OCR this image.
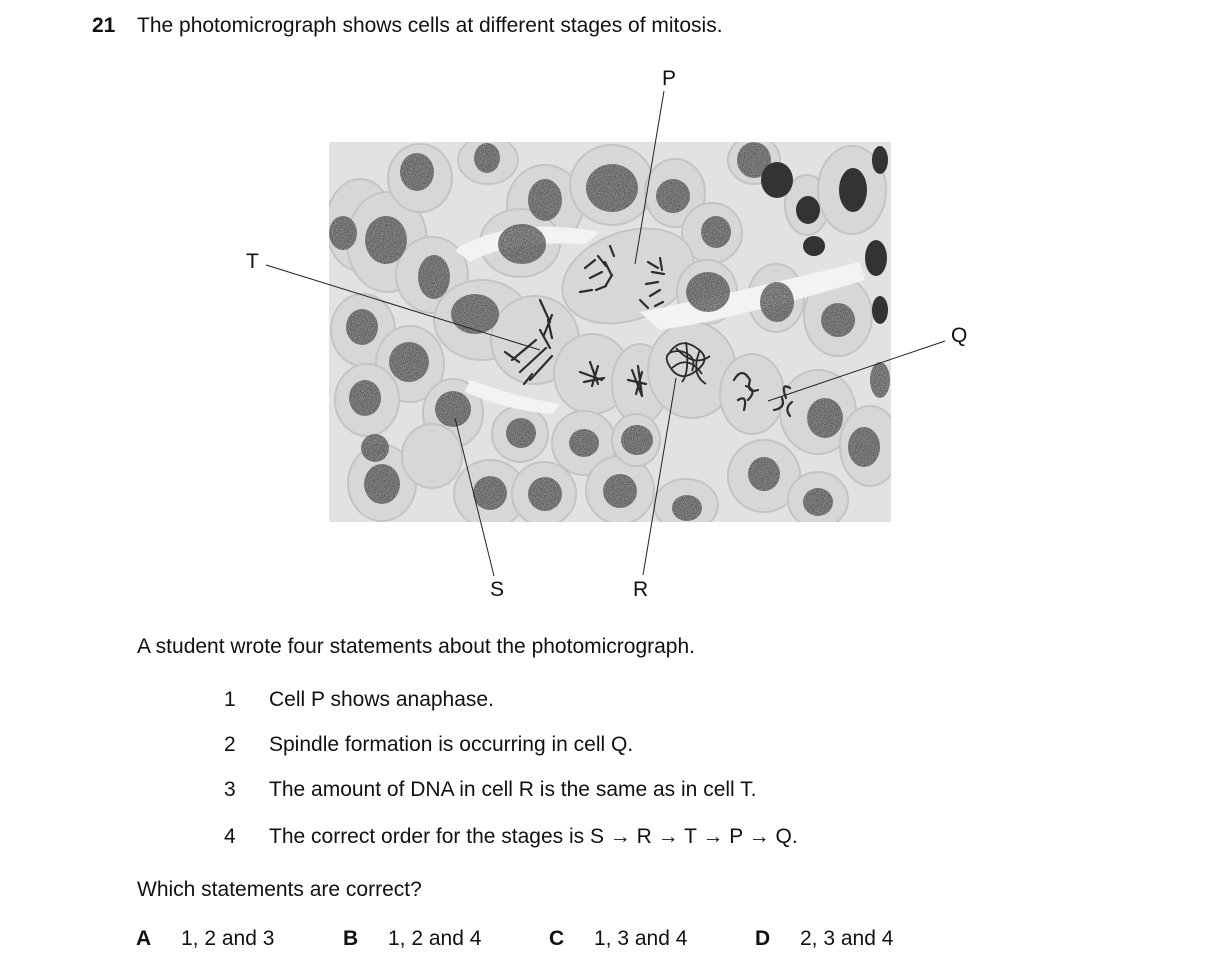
21 The photomicrograph shows cells at different stages of mitosis.
P
T
Q
S	R
A student wrote four statements about the photomicrograph.
1 Cell P shows anaphase.
2 Spindle formation is occurring in cell Q.
3 The amount of DNA in cell R is the same as in cell T.
4 The correct order for the stages is S → R → T → P → Q.
Which statements are correct?
A 1, 2 and 3	B 1, 2 and 4	C 1, 3 and 4	D 2, 3 and 4
